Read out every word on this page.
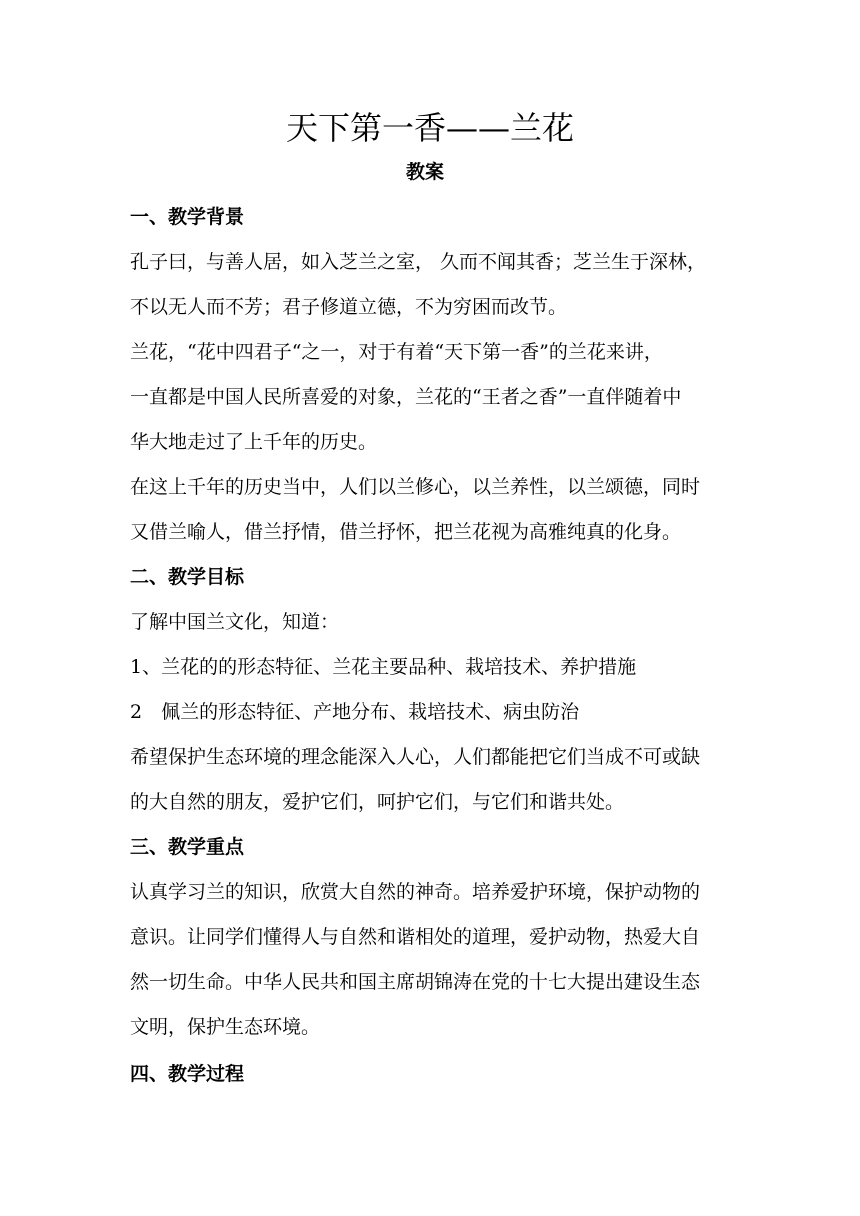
天下第一香——兰花
教案
一、教学背景
孔子曰，与善人居，如入芝兰之室， 久而不闻其香；芝兰生于深林，
不以无人而不芳；君子修道立德，不为穷困而改节。
兰花，“花中四君子“之一，对于有着“天下第一香”的兰花来讲，
一直都是中国人民所喜爱的对象，兰花的“王者之香”一直伴随着中
华大地走过了上千年的历史。
在这上千年的历史当中，人们以兰修心，以兰养性，以兰颂德，同时
又借兰喻人，借兰抒情，借兰抒怀，把兰花视为高雅纯真的化身。
二、教学目标
了解中国兰文化，知道：
1、兰花的的形态特征、兰花主要品种、栽培技术、养护措施
2　佩兰的形态特征、产地分布、栽培技术、病虫防治
希望保护生态环境的理念能深入人心，人们都能把它们当成不可或缺
的大自然的朋友，爱护它们，呵护它们，与它们和谐共处。
三、教学重点
认真学习兰的知识，欣赏大自然的神奇。培养爱护环境，保护动物的
意识。让同学们懂得人与自然和谐相处的道理，爱护动物，热爱大自
然一切生命。中华人民共和国主席胡锦涛在党的十七大提出建设生态
文明，保护生态环境。
四、教学过程
